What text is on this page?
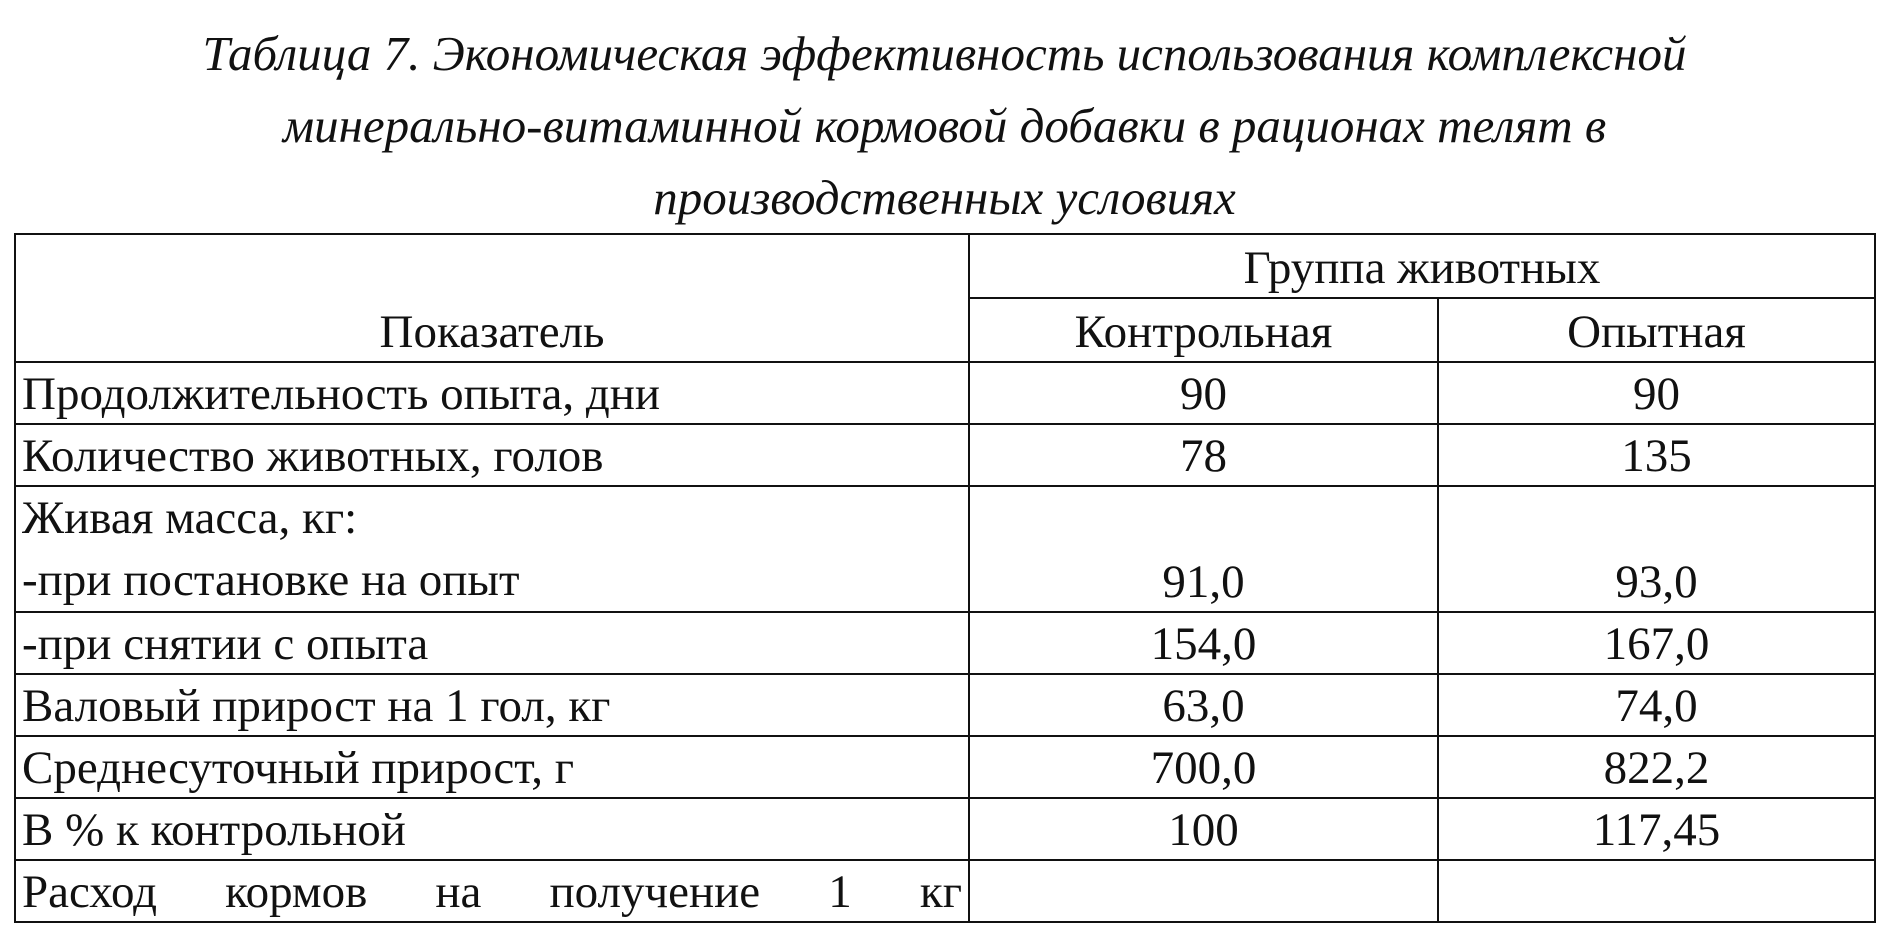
Таблица 7. Экономическая эффективность использования комплексной
минерально-витаминной кормовой добавки в рационах телят в
производственных условиях
Показатель	Группа животных	
	Контрольная	Опытная
Продолжительность опыта, дни	90	90
Количество животных, голов	78	135

Живая масса, кг:
-при постановке на опыт	91,0	93,0
-при снятии с опыта	154,0	167,0
Валовый прирост на 1 гол, кг	63,0	74,0
Среднесуточный прирост, г	700,0	822,2
В % к контрольной	100	117,45
Расход кормов на получение 1 кг		
